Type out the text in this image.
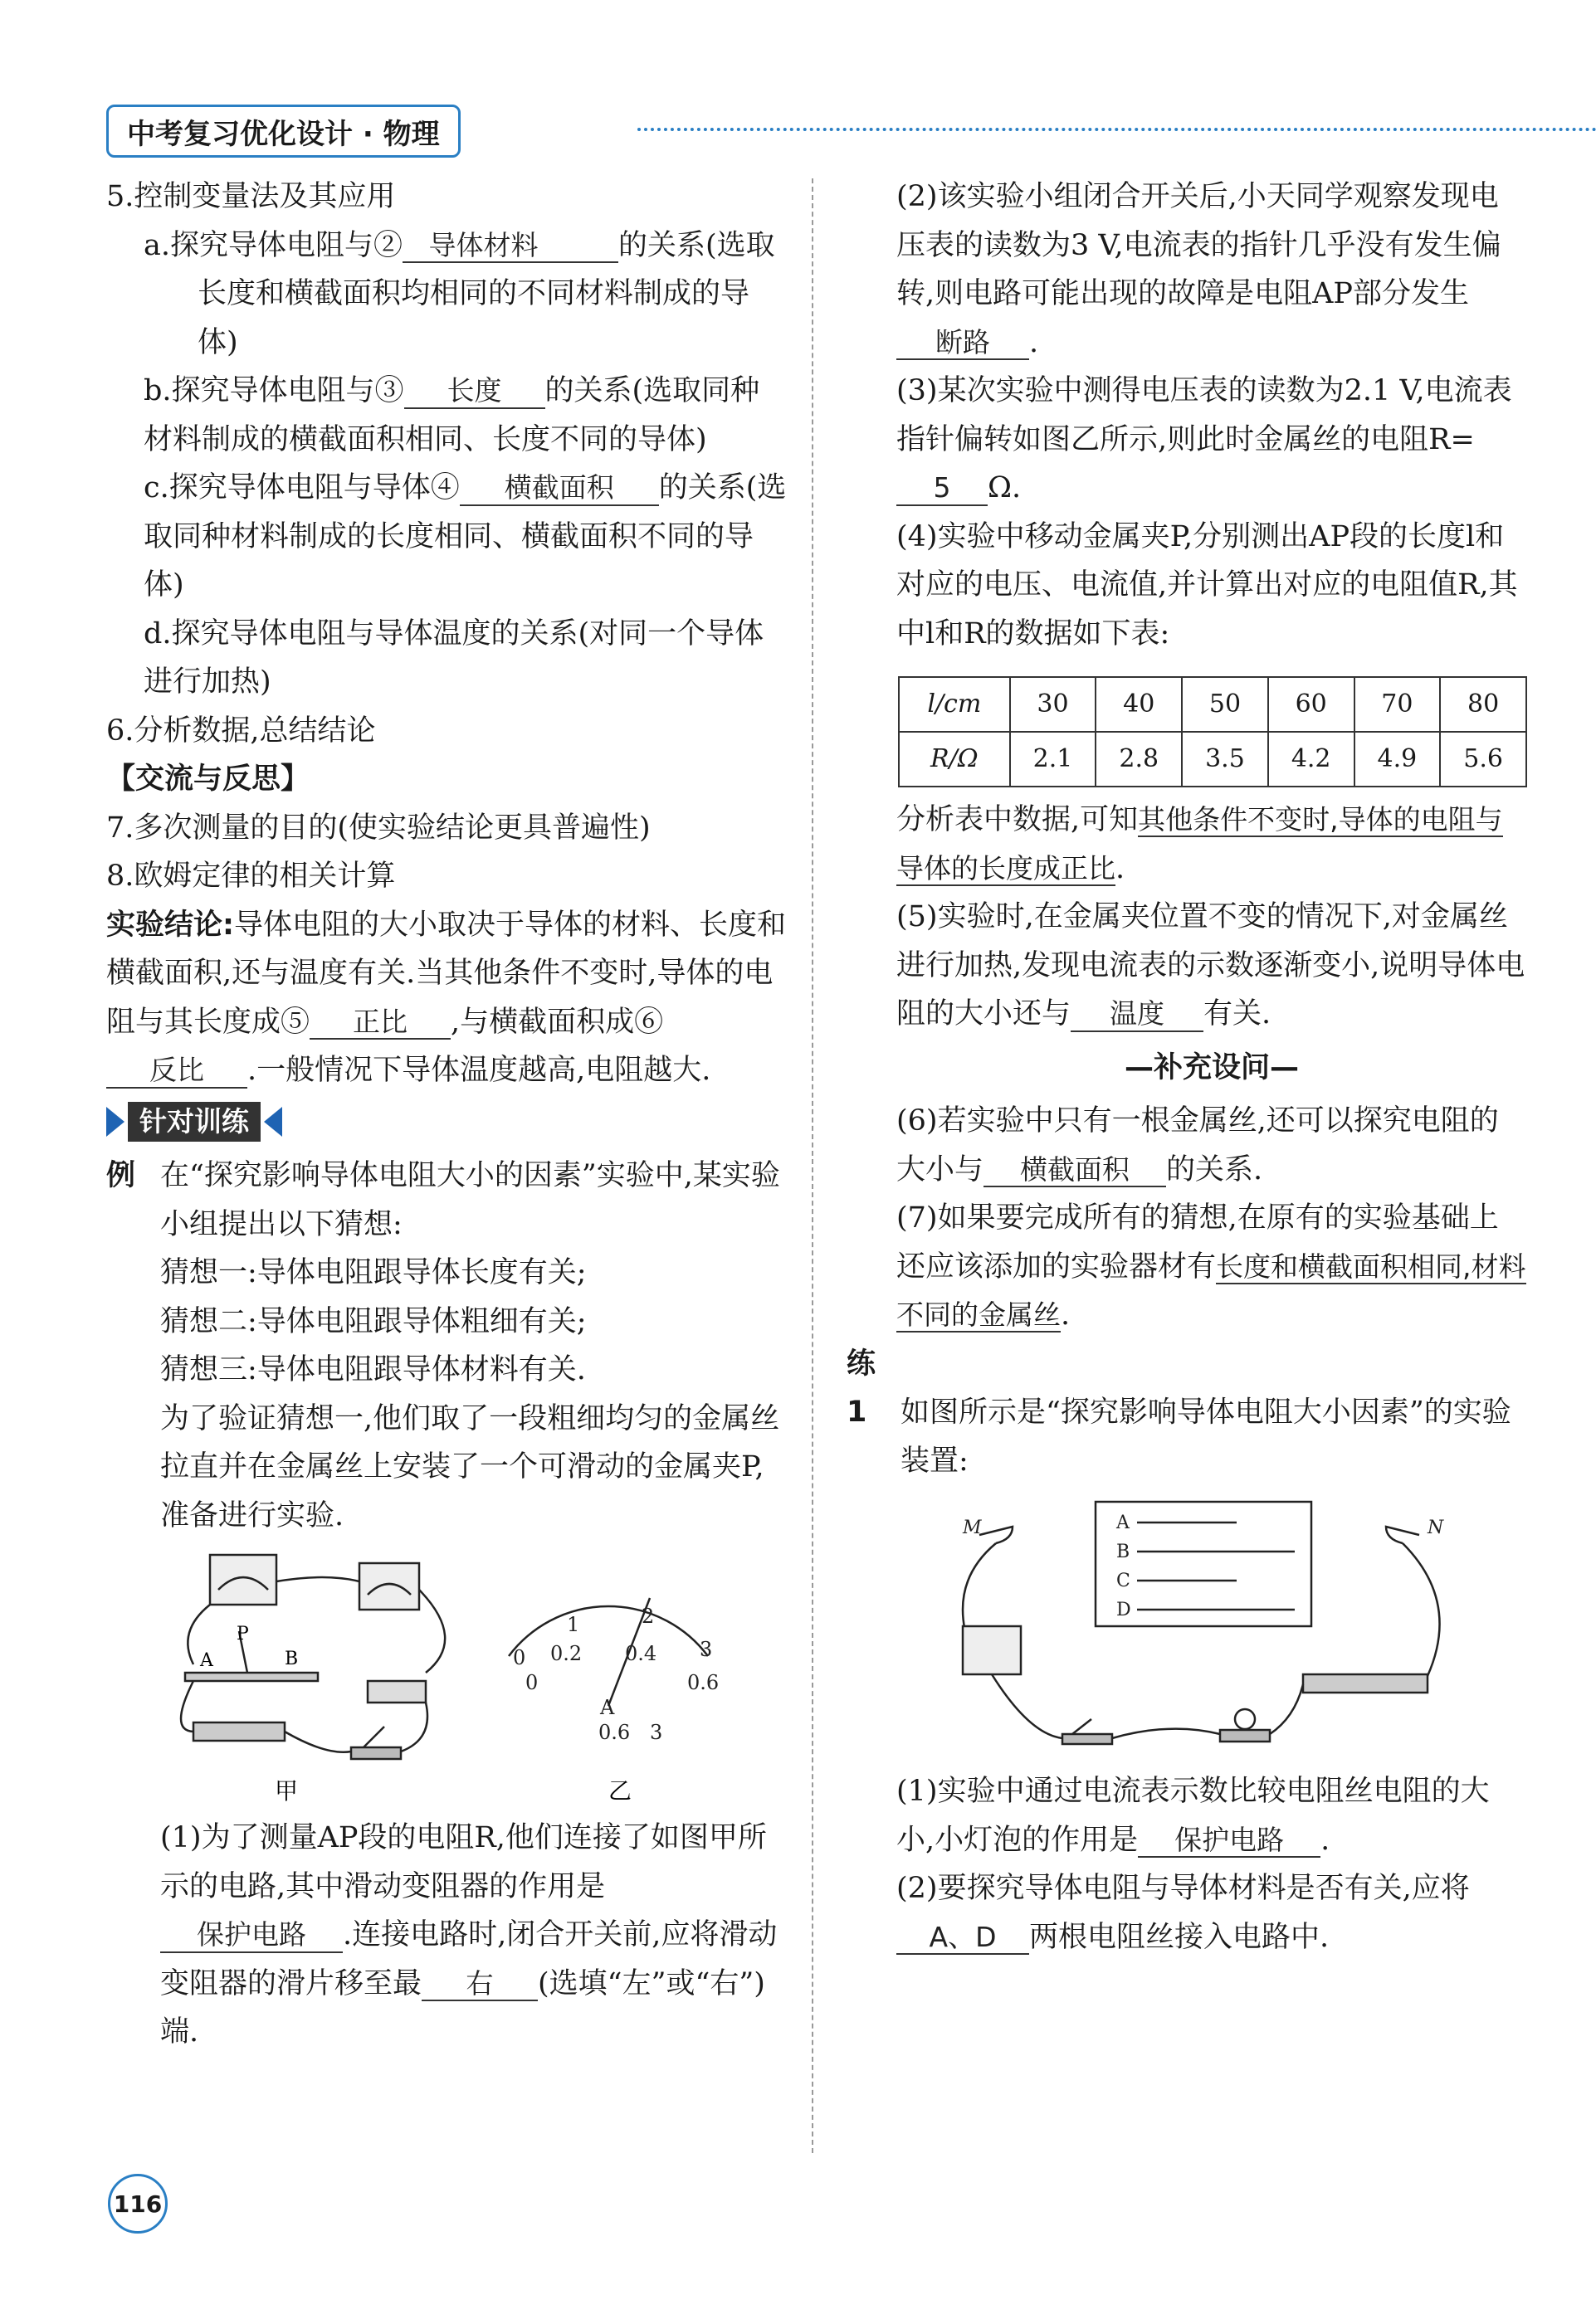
中考复习优化设计 · 物理

5.控制变量法及其应用

a.探究导体电阻与② 导体材料	的关系(选取长度和横截面积均相同的不同材料制成的导体)

b.探究导体电阻与③ 长度 的关系(选取同种材料制成的横截面积相同、长度不同的导体)

c.探究导体电阻与导体④ 横截面积 的关系(选取同种材料制成的长度相同、横截面积不同的导体)

d.探究导体电阻与导体温度的关系(对同一个导体进行加热)

6.分析数据,总结结论

【交流与反思】

7.多次测量的目的(使实验结论更具普遍性)

8.欧姆定律的相关计算

实验结论:导体电阻的大小取决于导体的材料、长度和横截面积,还与温度有关.当其他条件不变时,导体的电阻与其长度成⑤ 正比 ,与横截面积成⑥反比 .一般情况下导体温度越高,电阻越大.

针对训练

例 在“探究影响导体电阻大小的因素”实验中,某实验小组提出以下猜想:

猜想一:导体电阻跟导体长度有关;

猜想二:导体电阻跟导体粗细有关;

猜想三:导体电阻跟导体材料有关.

为了验证猜想一,他们取了一段粗细均匀的金属丝拉直并在金属丝上安装了一个可滑动的金属夹P,准备进行实验.

A
P
B
甲
0
1	2
3
0.2 0.4
0.6
0
A
0.6 3
乙

(1)为了测量AP段的电阻R,他们连接了如图甲所示的电路,其中滑动变阻器的作用是保护电路 .连接电路时,闭合开关前,应将滑动变阻器的滑片移至最 右 (选填“左”或“右”)端.

(2)该实验小组闭合开关后,小天同学观察发现电压表的读数为3 V,电流表的指针几乎没有发生偏转,则电路可能出现的故障是电阻AP部分发生断路 .

(3)某次实验中测得电压表的读数为2.1 V,电流表指针偏转如图乙所示,则此时金属丝的电阻R=5 Ω.

(4)实验中移动金属夹P,分别测出AP段的长度l和对应的电压、电流值,并计算出对应的电阻值R,其中l和R的数据如下表:

l/cm	30	40	50	60	70	80
R/Ω	2.1	2.8	3.5	4.2	4.9	5.6

分析表中数据,可知其他条件不变时,导体的电阻与导体的长度成正比.

(5)实验时,在金属夹位置不变的情况下,对金属丝进行加热,发现电流表的示数逐渐变小,说明导体电阻的大小还与 温度 有关.

—补充设问—

(6)若实验中只有一根金属丝,还可以探究电阻的大小与 横截面积 的关系.

(7)如果要完成所有的猜想,在原有的实验基础上还应该添加的实验器材有长度和横截面积相同,材料不同的金属丝.

练 1 如图所示是“探究影响导体电阻大小因素”的实验装置:

A
B
C
D
M	N

(1)实验中通过电流表示数比较电阻丝电阻的大小,小灯泡的作用是 保护电路 .

(2)要探究导体电阻与导体材料是否有关,应将A、D 两根电阻丝接入电路中.

116
